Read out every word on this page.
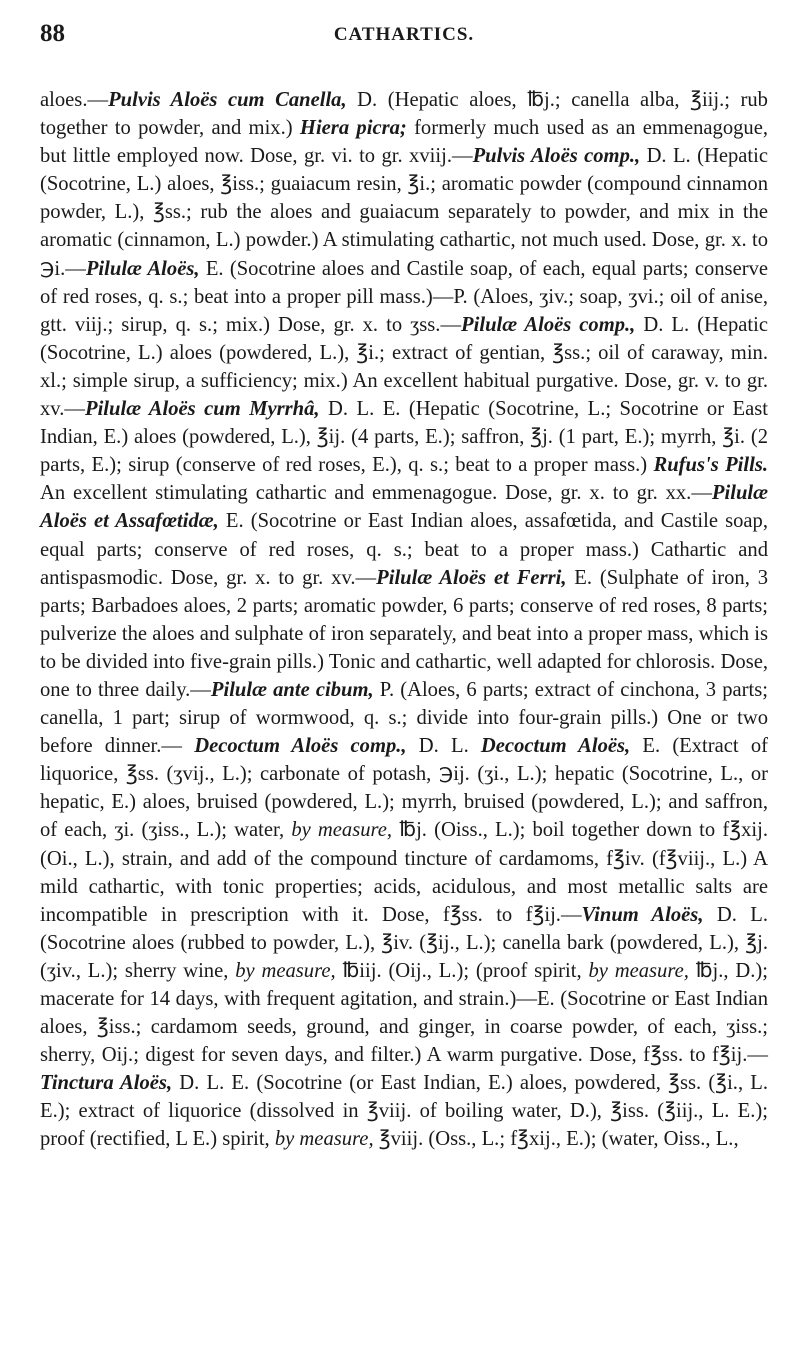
88	CATHARTICS.

aloes.—Pulvis Aloës cum Canella, D. (Hepatic aloes, ℔j.; canella alba, ℥iij.; rub together to powder, and mix.) Hiera picra; formerly much used as an emmenagogue, but little employed now. Dose, gr. vi. to gr. xviij.—Pulvis Aloës comp., D. L. (Hepatic (Socotrine, L.) aloes, ℥iss.; guaiacum resin, ℥i.; aromatic powder (compound cinnamon powder, L.), ℥ss.; rub the aloes and guaiacum separately to powder, and mix in the aromatic (cinnamon, L.) powder.) A stimulating cathartic, not much used. Dose, gr. x. to ℈i.—Pilulæ Aloës, E. (Socotrine aloes and Castile soap, of each, equal parts; conserve of red roses, q. s.; beat into a proper pill mass.)—P. (Aloes, ʒiv.; soap, ʒvi.; oil of anise, gtt. viij.; sirup, q. s.; mix.) Dose, gr. x. to ʒss.—Pilulæ Aloës comp., D. L. (Hepatic (Socotrine, L.) aloes (powdered, L.), ℥i.; extract of gentian, ℥ss.; oil of caraway, min. xl.; simple sirup, a sufficiency; mix.) An excellent habitual purgative. Dose, gr. v. to gr. xv.—Pilulæ Aloës cum Myrrhâ, D. L. E. (Hepatic (Socotrine, L.; Socotrine or East Indian, E.) aloes (powdered, L.), ℥ij. (4 parts, E.); saffron, ℥j. (1 part, E.); myrrh, ℥i. (2 parts, E.); sirup (conserve of red roses, E.), q. s.; beat to a proper mass.) Rufus's Pills. An excellent stimulating cathartic and emmenagogue. Dose, gr. x. to gr. xx.—Pilulæ Aloës et Assafœtidæ, E. (Socotrine or East Indian aloes, assafœtida, and Castile soap, equal parts; conserve of red roses, q. s.; beat to a proper mass.) Cathartic and antispasmodic. Dose, gr. x. to gr. xv.—Pilulæ Aloës et Ferri, E. (Sulphate of iron, 3 parts; Barbadoes aloes, 2 parts; aromatic powder, 6 parts; conserve of red roses, 8 parts; pulverize the aloes and sulphate of iron separately, and beat into a proper mass, which is to be divided into five-grain pills.) Tonic and cathartic, well adapted for chlorosis. Dose, one to three daily.—Pilulæ ante cibum, P. (Aloes, 6 parts; extract of cinchona, 3 parts; canella, 1 part; sirup of wormwood, q. s.; divide into four-grain pills.) One or two before dinner.— Decoctum Aloës comp., D. L. Decoctum Aloës, E. (Extract of liquorice, ℥ss. (ʒvij., L.); carbonate of potash, ℈ij. (ʒi., L.); hepatic (Socotrine, L., or hepatic, E.) aloes, bruised (powdered, L.); myrrh, bruised (powdered, L.); and saffron, of each, ʒi. (ʒiss., L.); water, by measure, ℔j. (Oiss., L.); boil together down to f℥xij. (Oi., L.), strain, and add of the compound tincture of cardamoms, f℥iv. (f℥viij., L.) A mild cathartic, with tonic properties; acids, acidulous, and most metallic salts are incompatible in prescription with it. Dose, f℥ss. to f℥ij.—Vinum Aloës, D. L. (Socotrine aloes (rubbed to powder, L.), ℥iv. (℥ij., L.); canella bark (powdered, L.), ℥j. (ʒiv., L.); sherry wine, by measure, ℔iij. (Oij., L.); (proof spirit, by measure, ℔j., D.); macerate for 14 days, with frequent agitation, and strain.)—E. (Socotrine or East Indian aloes, ℥iss.; cardamom seeds, ground, and ginger, in coarse powder, of each, ʒiss.; sherry, Oij.; digest for seven days, and filter.) A warm purgative. Dose, f℥ss. to f℥ij.—Tinctura Aloës, D. L. E. (Socotrine (or East Indian, E.) aloes, powdered, ℥ss. (℥i., L. E.); extract of liquorice (dissolved in ℥viij. of boiling water, D.), ℥iss. (℥iij., L. E.); proof (rectified, L E.) spirit, by measure, ℥viij. (Oss., L.; f℥xij., E.); (water, Oiss., L.,
